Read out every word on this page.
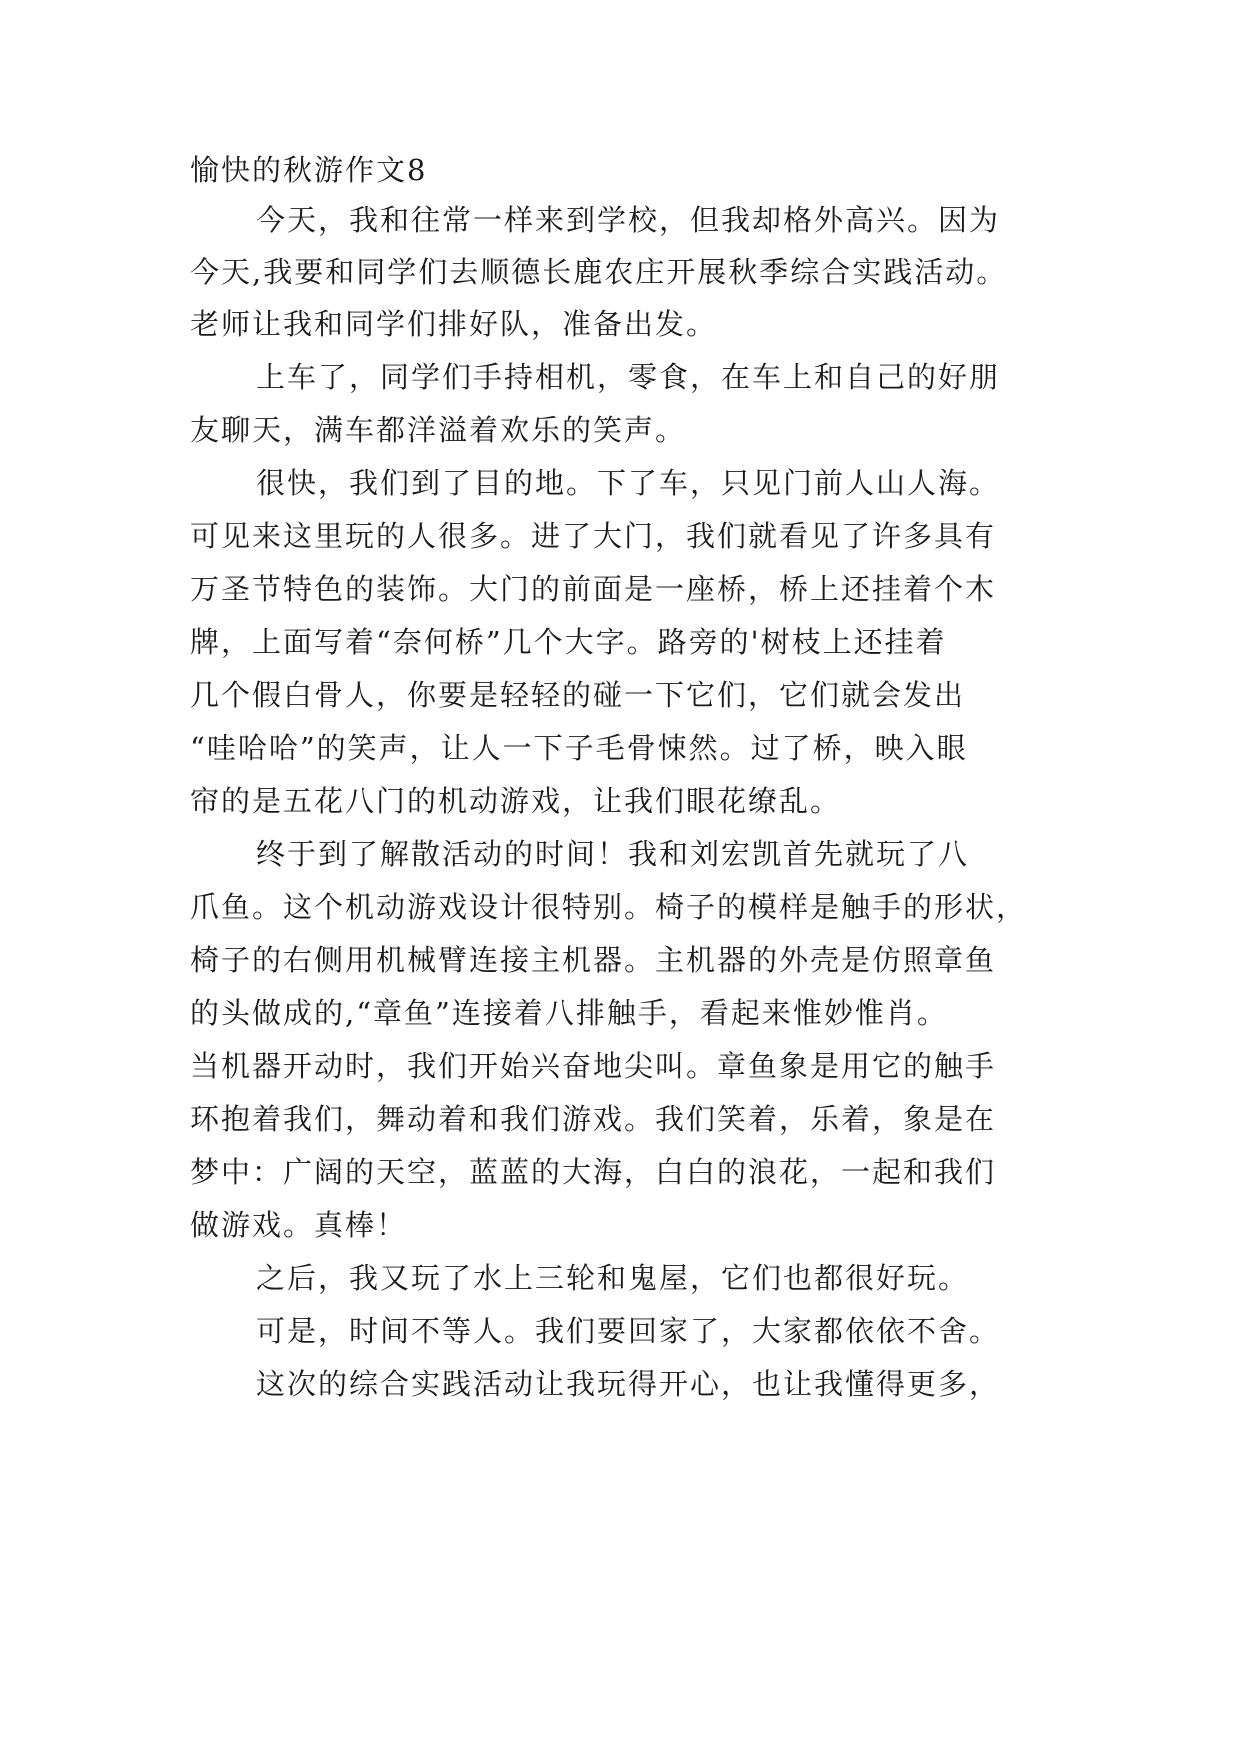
愉快的秋游作文8
今天，我和往常一样来到学校，但我却格外高兴。因为
今天,我要和同学们去顺德长鹿农庄开展秋季综合实践活动。
老师让我和同学们排好队，准备出发。
上车了，同学们手持相机，零食，在车上和自己的好朋
友聊天，满车都洋溢着欢乐的笑声。
很快，我们到了目的地。下了车，只见门前人山人海。
可见来这里玩的人很多。进了大门，我们就看见了许多具有
万圣节特色的装饰。大门的前面是一座桥，桥上还挂着个木
牌，上面写着“奈何桥”几个大字。路旁的'树枝上还挂着
几个假白骨人，你要是轻轻的碰一下它们，它们就会发出
“哇哈哈”的笑声，让人一下子毛骨悚然。过了桥，映入眼
帘的是五花八门的机动游戏，让我们眼花缭乱。
终于到了解散活动的时间！我和刘宏凯首先就玩了八
爪鱼。这个机动游戏设计很特别。椅子的模样是触手的形状，
椅子的右侧用机械臂连接主机器。主机器的外壳是仿照章鱼
的头做成的,“章鱼”连接着八排触手，看起来惟妙惟肖。
当机器开动时，我们开始兴奋地尖叫。章鱼象是用它的触手
环抱着我们，舞动着和我们游戏。我们笑着，乐着，象是在
梦中：广阔的天空，蓝蓝的大海，白白的浪花，一起和我们
做游戏。真棒！
之后，我又玩了水上三轮和鬼屋，它们也都很好玩。
可是，时间不等人。我们要回家了，大家都依依不舍。
这次的综合实践活动让我玩得开心，也让我懂得更多，
